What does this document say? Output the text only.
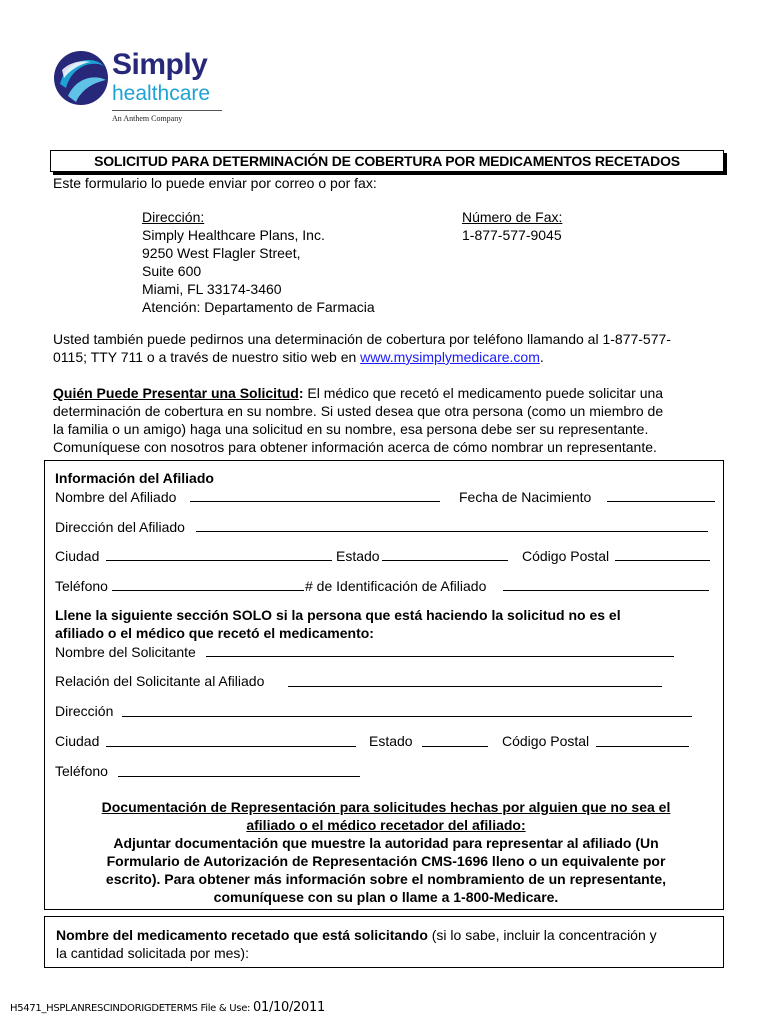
Simply
healthcare
An Anthem Company
SOLICITUD PARA DETERMINACIÓN DE COBERTURA POR MEDICAMENTOS RECETADOS
Este formulario lo puede enviar por correo o por fax:
Dirección:
Simply Healthcare Plans, Inc.
9250 West Flagler Street,
Suite 600
Miami, FL 33174-3460
Atención: Departamento de Farmacia
Número de Fax:
1-877-577-9045
Usted también puede pedirnos una determinación de cobertura por teléfono llamando al 1-877-577-
0115; TTY 711 o a través de nuestro sitio web en www.mysimplymedicare.com.
Quién Puede Presentar una Solicitud: El médico que recetó el medicamento puede solicitar una
determinación de cobertura en su nombre. Si usted desea que otra persona (como un miembro de
la familia o un amigo) haga una solicitud en su nombre, esa persona debe ser su representante.
Comuníquese con nosotros para obtener información acerca de cómo nombrar un representante.
Información del Afiliado
Nombre del Afiliado	Fecha de Nacimiento
Dirección del Afiliado
Ciudad	Estado	Código Postal
Teléfono	# de Identificación de Afiliado
Llene la siguiente sección SOLO si la persona que está haciendo la solicitud no es el
afiliado o el médico que recetó el medicamento:
Nombre del Solicitante
Relación del Solicitante al Afiliado
Dirección
Ciudad	Estado	Código Postal
Teléfono
Documentación de Representación para solicitudes hechas por alguien que no sea el
afiliado o el médico recetador del afiliado:
Adjuntar documentación que muestre la autoridad para representar al afiliado (Un
Formulario de Autorización de Representación CMS-1696 lleno o un equivalente por
escrito). Para obtener más información sobre el nombramiento de un representante,
comuníquese con su plan o llame a 1-800-Medicare.
Nombre del medicamento recetado que está solicitando (si lo sabe, incluir la concentración y
la cantidad solicitada por mes):
H5471_HSPLANRESCINDORIGDETERMS File & Use: 01/10/2011
